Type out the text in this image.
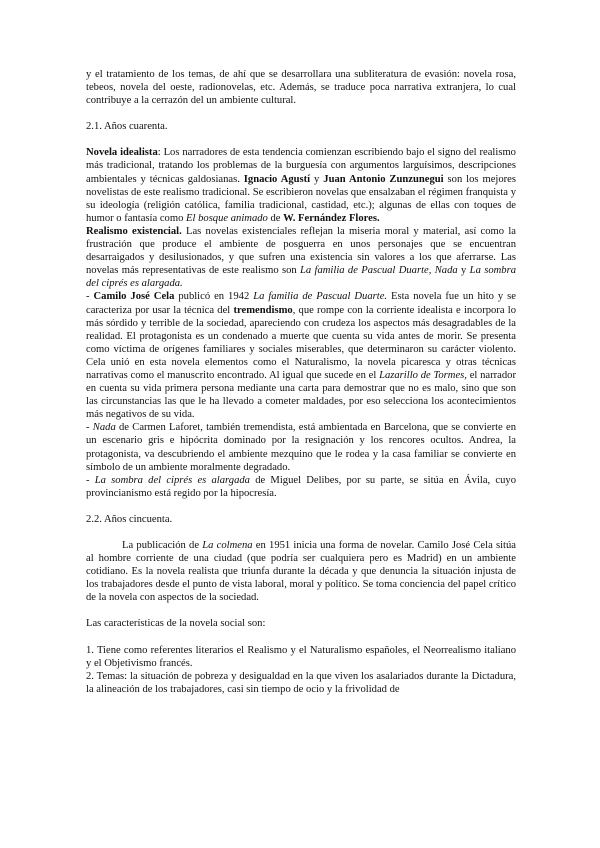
y el tratamiento de los temas, de ahí que se desarrollara una subliteratura de evasión: novela rosa, tebeos, novela del oeste, radionovelas, etc. Además, se traduce poca narrativa extranjera, lo cual contribuye a la cerrazón del un ambiente cultural.

2.1. Años cuarenta.

Novela idealista: Los narradores de esta tendencia comienzan escribiendo bajo el signo del realismo más tradicional, tratando los problemas de la burguesía con argumentos larguísimos, descripciones ambientales y técnicas galdosianas. Ignacio Agustí y Juan Antonio Zunzunegui son los mejores novelistas de este realismo tradicional. Se escribieron novelas que ensalzaban el régimen franquista y su ideología (religión católica, familia tradicional, castidad, etc.); algunas de ellas con toques de humor o fantasía como El bosque animado de W. Fernández Flores.

Realismo existencial. Las novelas existenciales reflejan la miseria moral y material, así como la frustración que produce el ambiente de posguerra en unos personajes que se encuentran desarraigados y desilusionados, y que sufren una existencia sin valores a los que aferrarse. Las novelas más representativas de este realismo son La familia de Pascual Duarte, Nada y La sombra del ciprés es alargada.

- Camilo José Cela publicó en 1942 La familia de Pascual Duarte. Esta novela fue un hito y se caracteriza por usar la técnica del tremendismo, que rompe con la corriente idealista e incorpora lo más sórdido y terrible de la sociedad, apareciendo con crudeza los aspectos más desagradables de la realidad. El protagonista es un condenado a muerte que cuenta su vida antes de morir. Se presenta como víctima de orígenes familiares y sociales miserables, que determinaron su carácter violento. Cela unió en esta novela elementos como el Naturalismo, la novela picaresca y otras técnicas narrativas como el manuscrito encontrado. Al igual que sucede en el Lazarillo de Tormes, el narrador en cuenta su vida primera persona mediante una carta para demostrar que no es malo, sino que son las circunstancias las que le ha llevado a cometer maldades, por eso selecciona los acontecimientos más negativos de su vida.

- Nada de Carmen Laforet, también tremendista, está ambientada en Barcelona, que se convierte en un escenario gris e hipócrita dominado por la resignación y los rencores ocultos. Andrea, la protagonista, va descubriendo el ambiente mezquino que le rodea y la casa familiar se convierte en símbolo de un ambiente moralmente degradado.

- La sombra del ciprés es alargada de Miguel Delibes, por su parte, se sitúa en Ávila, cuyo provincianismo está regido por la hipocresía.

2.2. Años cincuenta.

La publicación de La colmena en 1951 inicia una forma de novelar. Camilo José Cela sitúa al hombre corriente de una ciudad (que podría ser cualquiera pero es Madrid) en un ambiente cotidiano. Es la novela realista que triunfa durante la década y que denuncia la situación injusta de los trabajadores desde el punto de vista laboral, moral y político. Se toma conciencia del papel crítico de la novela con aspectos de la sociedad.

Las características de la novela social son:

1. Tiene como referentes literarios el Realismo y el Naturalismo españoles, el Neorrealismo italiano y el Objetivismo francés.

2. Temas: la situación de pobreza y desigualdad en la que viven los asalariados durante la Dictadura, la alineación de los trabajadores, casi sin tiempo de ocio y la frivolidad de
